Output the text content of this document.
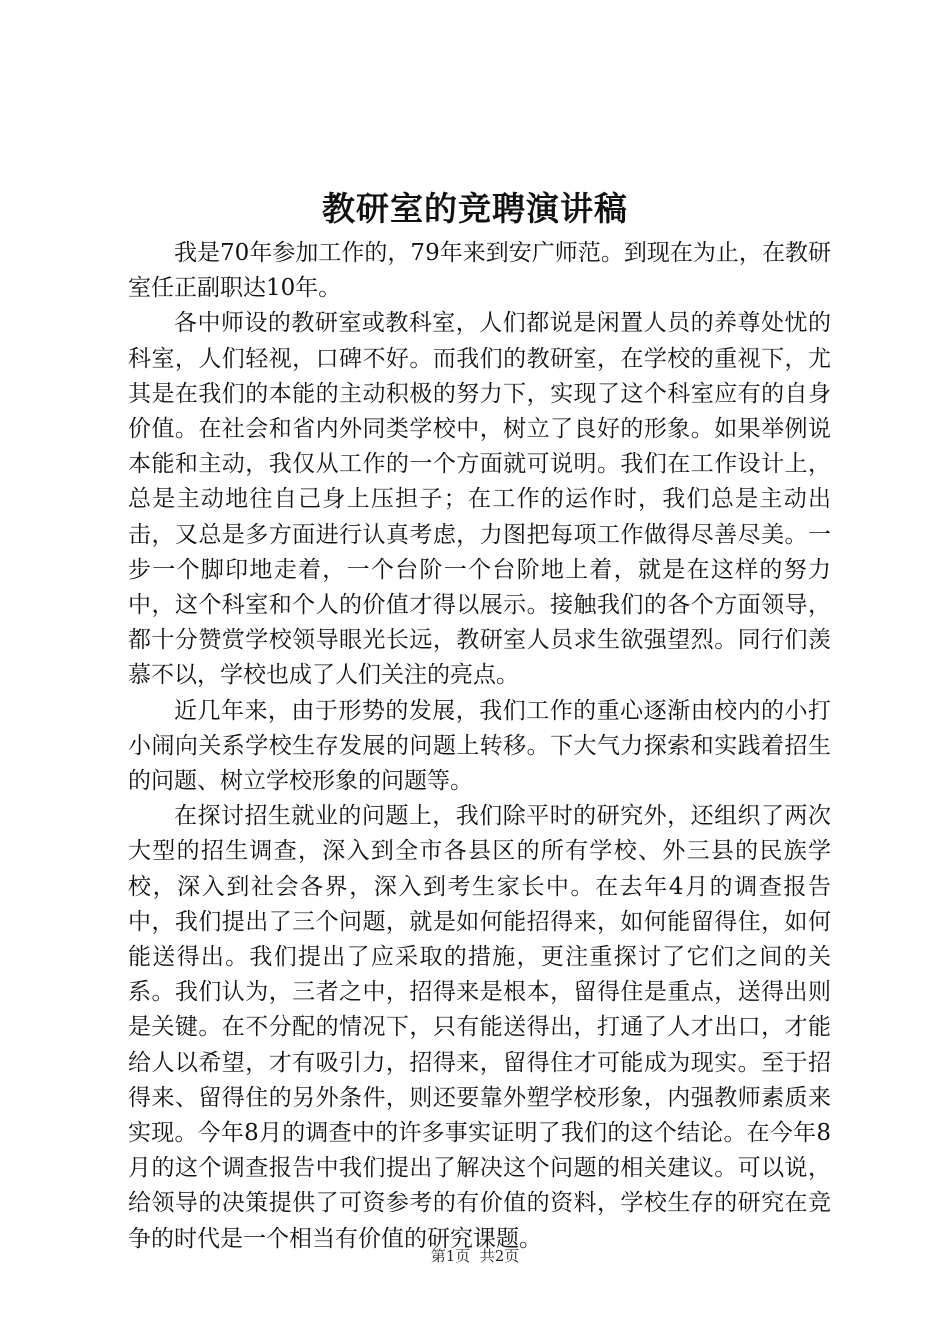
教研室的竞聘演讲稿

我是70年参加工作的，79年来到安广师范。到现在为止，在教研室任正副职达10年。

各中师设的教研室或教科室，人们都说是闲置人员的养尊处忧的科室，人们轻视，口碑不好。而我们的教研室，在学校的重视下，尤其是在我们的本能的主动积极的努力下，实现了这个科室应有的自身价值。在社会和省内外同类学校中，树立了良好的形象。如果举例说本能和主动，我仅从工作的一个方面就可说明。我们在工作设计上，总是主动地往自己身上压担子；在工作的运作时，我们总是主动出击，又总是多方面进行认真考虑，力图把每项工作做得尽善尽美。一步一个脚印地走着，一个台阶一个台阶地上着，就是在这样的努力中，这个科室和个人的价值才得以展示。接触我们的各个方面领导，都十分赞赏学校领导眼光长远，教研室人员求生欲强望烈。同行们羡慕不以，学校也成了人们关注的亮点。

近几年来，由于形势的发展，我们工作的重心逐渐由校内的小打小闹向关系学校生存发展的问题上转移。下大气力探索和实践着招生的问题、树立学校形象的问题等。

在探讨招生就业的问题上，我们除平时的研究外，还组织了两次大型的招生调查，深入到全市各县区的所有学校、外三县的民族学校，深入到社会各界，深入到考生家长中。在去年4月的调查报告中，我们提出了三个问题，就是如何能招得来，如何能留得住，如何能送得出。我们提出了应采取的措施，更注重探讨了它们之间的关系。我们认为，三者之中，招得来是根本，留得住是重点，送得出则是关键。在不分配的情况下，只有能送得出，打通了人才出口，才能给人以希望，才有吸引力，招得来，留得住才可能成为现实。至于招得来、留得住的另外条件，则还要靠外塑学校形象，内强教师素质来实现。今年8月的调查中的许多事实证明了我们的这个结论。在今年8月的这个调查报告中我们提出了解决这个问题的相关建议。可以说，给领导的决策提供了可资参考的有价值的资料，学校生存的研究在竞争的时代是一个相当有价值的研究课题。

第1页  共2页
